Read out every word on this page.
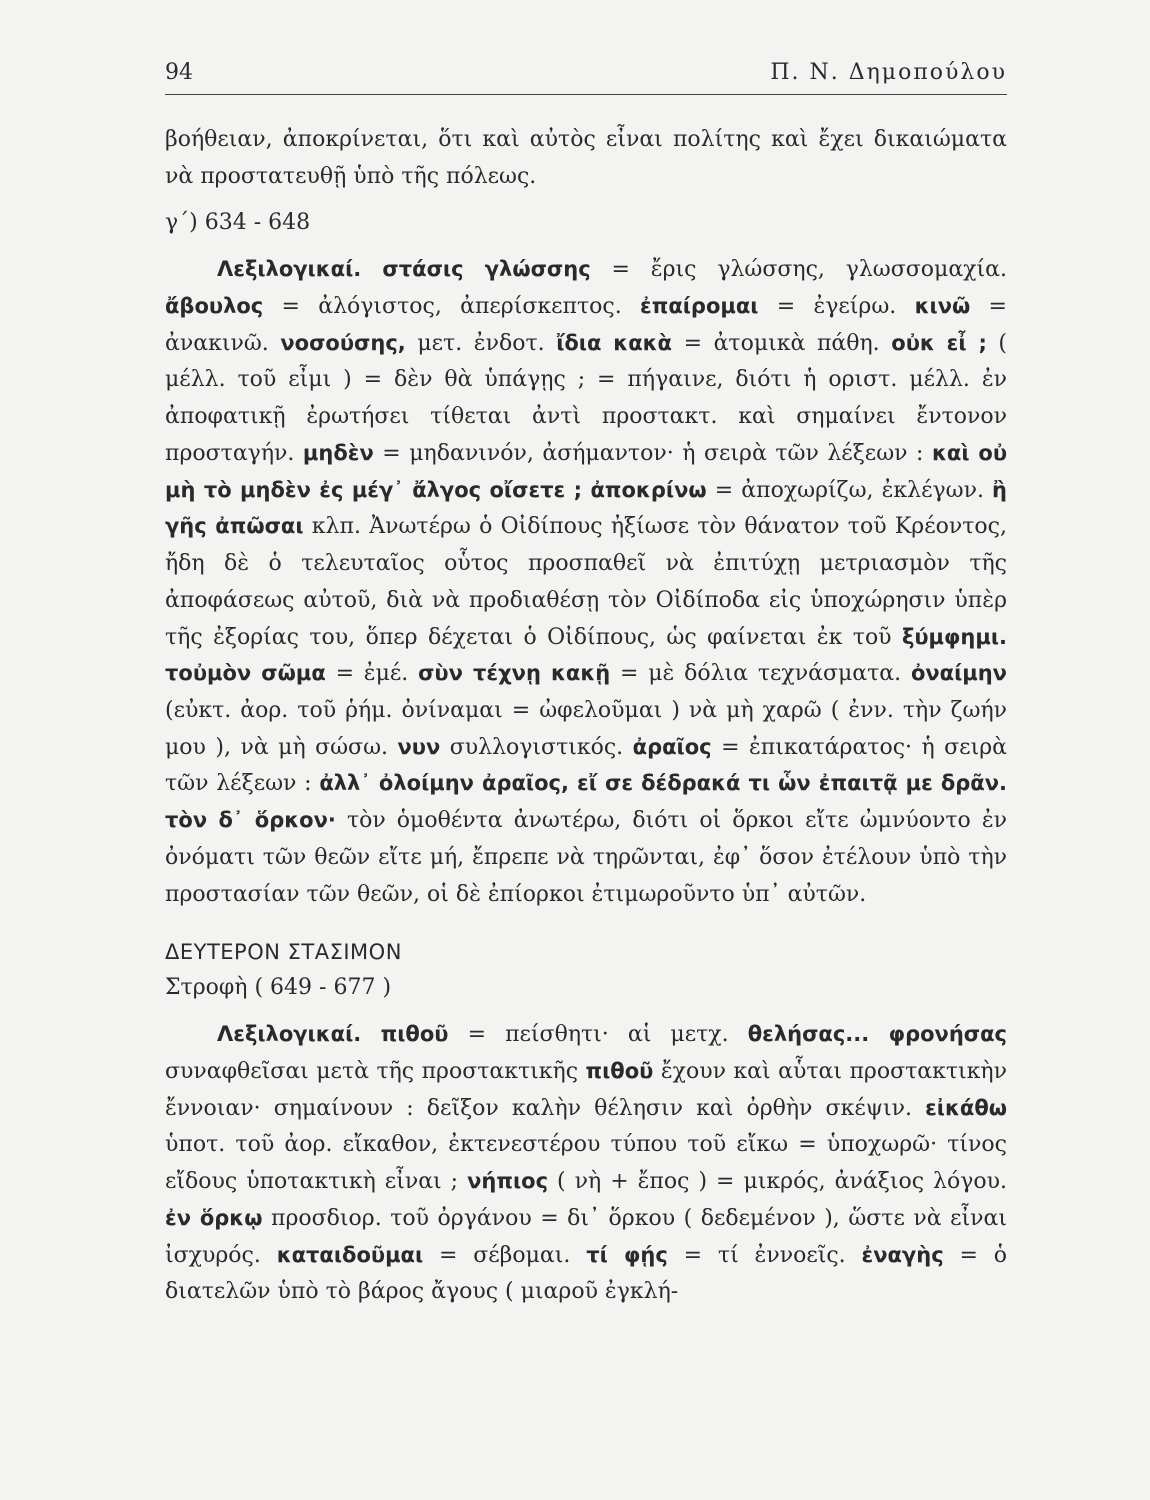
94	Π. Ν. Δημοπούλου

βοήθειαν, ἀποκρίνεται, ὅτι καὶ αὐτὸς εἶναι πολίτης καὶ ἔχει δικαιώματα νὰ προστατευθῇ ὑπὸ τῆς πόλεως.

γ΄) 634 - 648

Λεξιλογικαί. στάσις γλώσσης = ἔρις γλώσσης, γλωσσομαχία. ἄβουλος = ἀλόγιστος, ἀπερίσκεπτος. ἐπαίρομαι = ἐγείρω. κινῶ = ἀνακινῶ. νοσούσης, μετ. ἐνδοτ. ἴδια κακὰ = ἀτομικὰ πάθη. οὐκ εἶ ; ( μέλλ. τοῦ εἶμι ) = δὲν θὰ ὑπάγῃς ; = πήγαινε, διότι ἡ οριστ. μέλλ. ἐν ἀποφατικῇ ἐρωτήσει τίθεται ἀντὶ προστακτ. καὶ σημαίνει ἔντονον προσταγήν. μηδὲν = μηδανινόν, ἀσήμαντον· ἡ σειρὰ τῶν λέξεων : καὶ οὐ μὴ τὸ μηδὲν ἐς μέγ᾽ ἄλγος οἴσετε ; ἀποκρίνω = ἀποχωρίζω, ἐκλέγων. ἢ γῆς ἀπῶσαι κλπ. Ἀνωτέρω ὁ Οἰδίπους ἠξίωσε τὸν θάνατον τοῦ Κρέοντος, ἤδη δὲ ὁ τελευταῖος οὗτος προσπαθεῖ νὰ ἐπιτύχῃ μετριασμὸν τῆς ἀποφάσεως αὐτοῦ, διὰ νὰ προδιαθέσῃ τὸν Οἰδίποδα εἰς ὑποχώρησιν ὑπὲρ τῆς ἐξορίας του, ὅπερ δέχεται ὁ Οἰδίπους, ὡς φαίνεται ἐκ τοῦ ξύμφημι. τοὐμὸν σῶμα = ἐμέ. σὺν τέχνῃ κακῇ = μὲ δόλια τεχνάσματα. ὀναίμην (εὐκτ. ἀορ. τοῦ ῥήμ. ὀνίναμαι = ὠφελοῦμαι ) νὰ μὴ χαρῶ ( ἐνν. τὴν ζωήν μου ), νὰ μὴ σώσω. νυν συλλογιστικός. ἀραῖος = ἐπικατάρατος· ἡ σειρὰ τῶν λέξεων : ἀλλ᾽ ὀλοίμην ἀραῖος, εἴ σε δέδρακά τι ὧν ἐπαιτᾷ με δρᾶν. τὸν δ᾽ ὅρκον· τὸν ὁμοθέντα ἀνωτέρω, διότι οἱ ὅρκοι εἴτε ὠμνύοντο ἐν ὀνόματι τῶν θεῶν εἴτε μή, ἔπρεπε νὰ τηρῶνται, ἐφ᾽ ὅσον ἐτέλουν ὑπὸ τὴν προστασίαν τῶν θεῶν, οἱ δὲ ἐπίορκοι ἐτιμωροῦντο ὑπ᾽ αὐτῶν.

ΔΕΥΤΕΡΟΝ ΣΤΑΣΙΜΟΝ

Στροφὴ ( 649 - 677 )

Λεξιλογικαί. πιθοῦ = πείσθητι· αἱ μετχ. θελήσας... φρονήσας συναφθεῖσαι μετὰ τῆς προστακτικῆς πιθοῦ ἔχουν καὶ αὗται προστακτικὴν ἔννοιαν· σημαίνουν : δεῖξον καλὴν θέλησιν καὶ ὀρθὴν σκέψιν. εἰκάθω ὑποτ. τοῦ ἀορ. εἴκαθον, ἐκτενεστέρου τύπου τοῦ εἴκω = ὑποχωρῶ· τίνος εἴδους ὑποτακτικὴ εἶναι ; νήπιος ( νὴ + ἔπος ) = μικρός, ἀνάξιος λόγου. ἐν ὅρκῳ προσδιορ. τοῦ ὀργάνου = δι᾽ ὅρκου ( δεδεμένον ), ὥστε νὰ εἶναι ἰσχυρός. καταιδοῦμαι = σέβομαι. τί φῄς = τί ἐννοεῖς. ἐναγὴς = ὁ διατελῶν ὑπὸ τὸ βάρος ἄγους ( μιαροῦ ἐγκλή-
